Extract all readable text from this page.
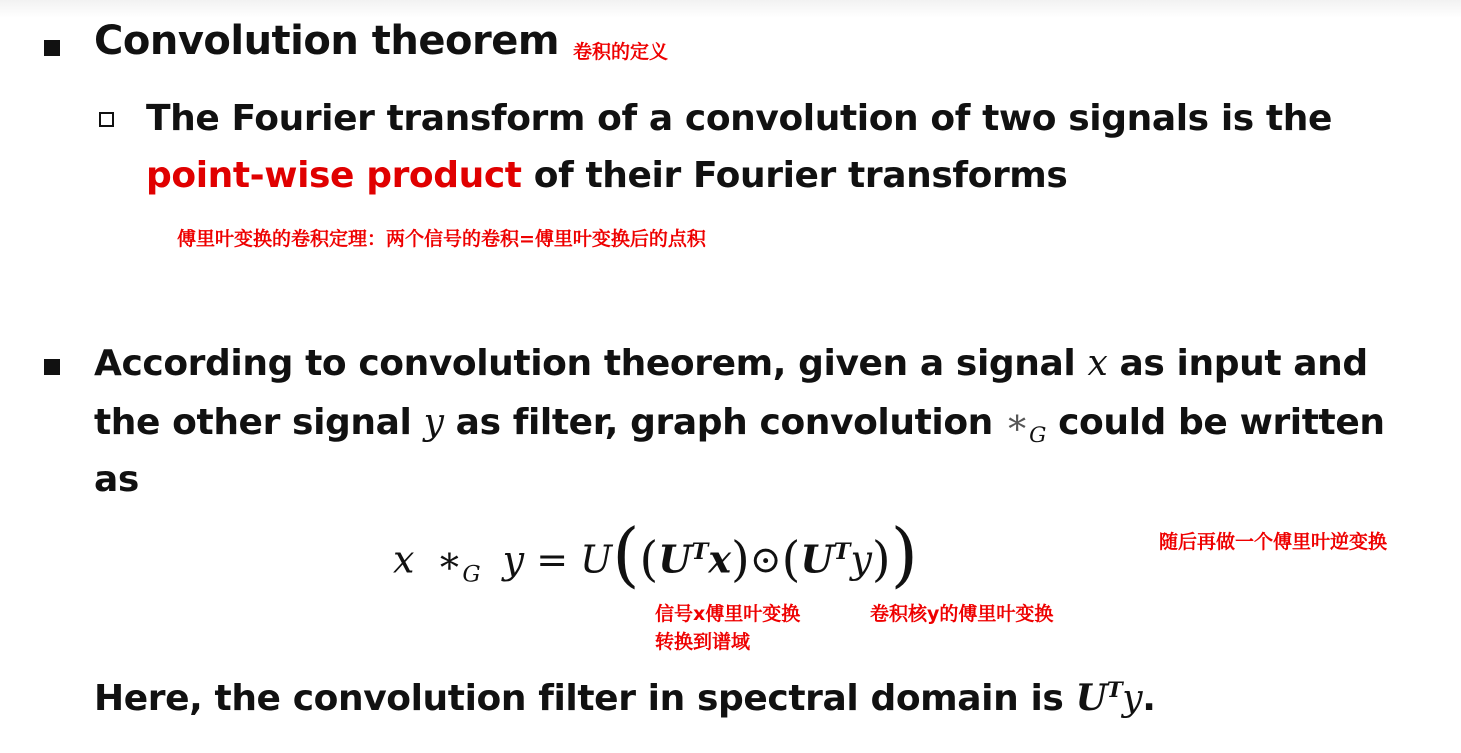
Convolution theorem 卷积的定义
The Fourier transform of a convolution of two signals is the
point-wise product of their Fourier transforms
傅里叶变换的卷积定理：两个信号的卷积=傅里叶变换后的点积
According to convolution theorem, given a signal x as input and
the other signal y as filter, graph convolution $∗_G$ could be written
as
x $∗_G$ $y = U((U^Tx)⊙(U^Ty))$	随后再做一个傅里叶逆变换
信号x傅里叶变换
转换到谱域
卷积核y的傅里叶变换
Here, the convolution filter in spectral domain is $U^Ty$.
